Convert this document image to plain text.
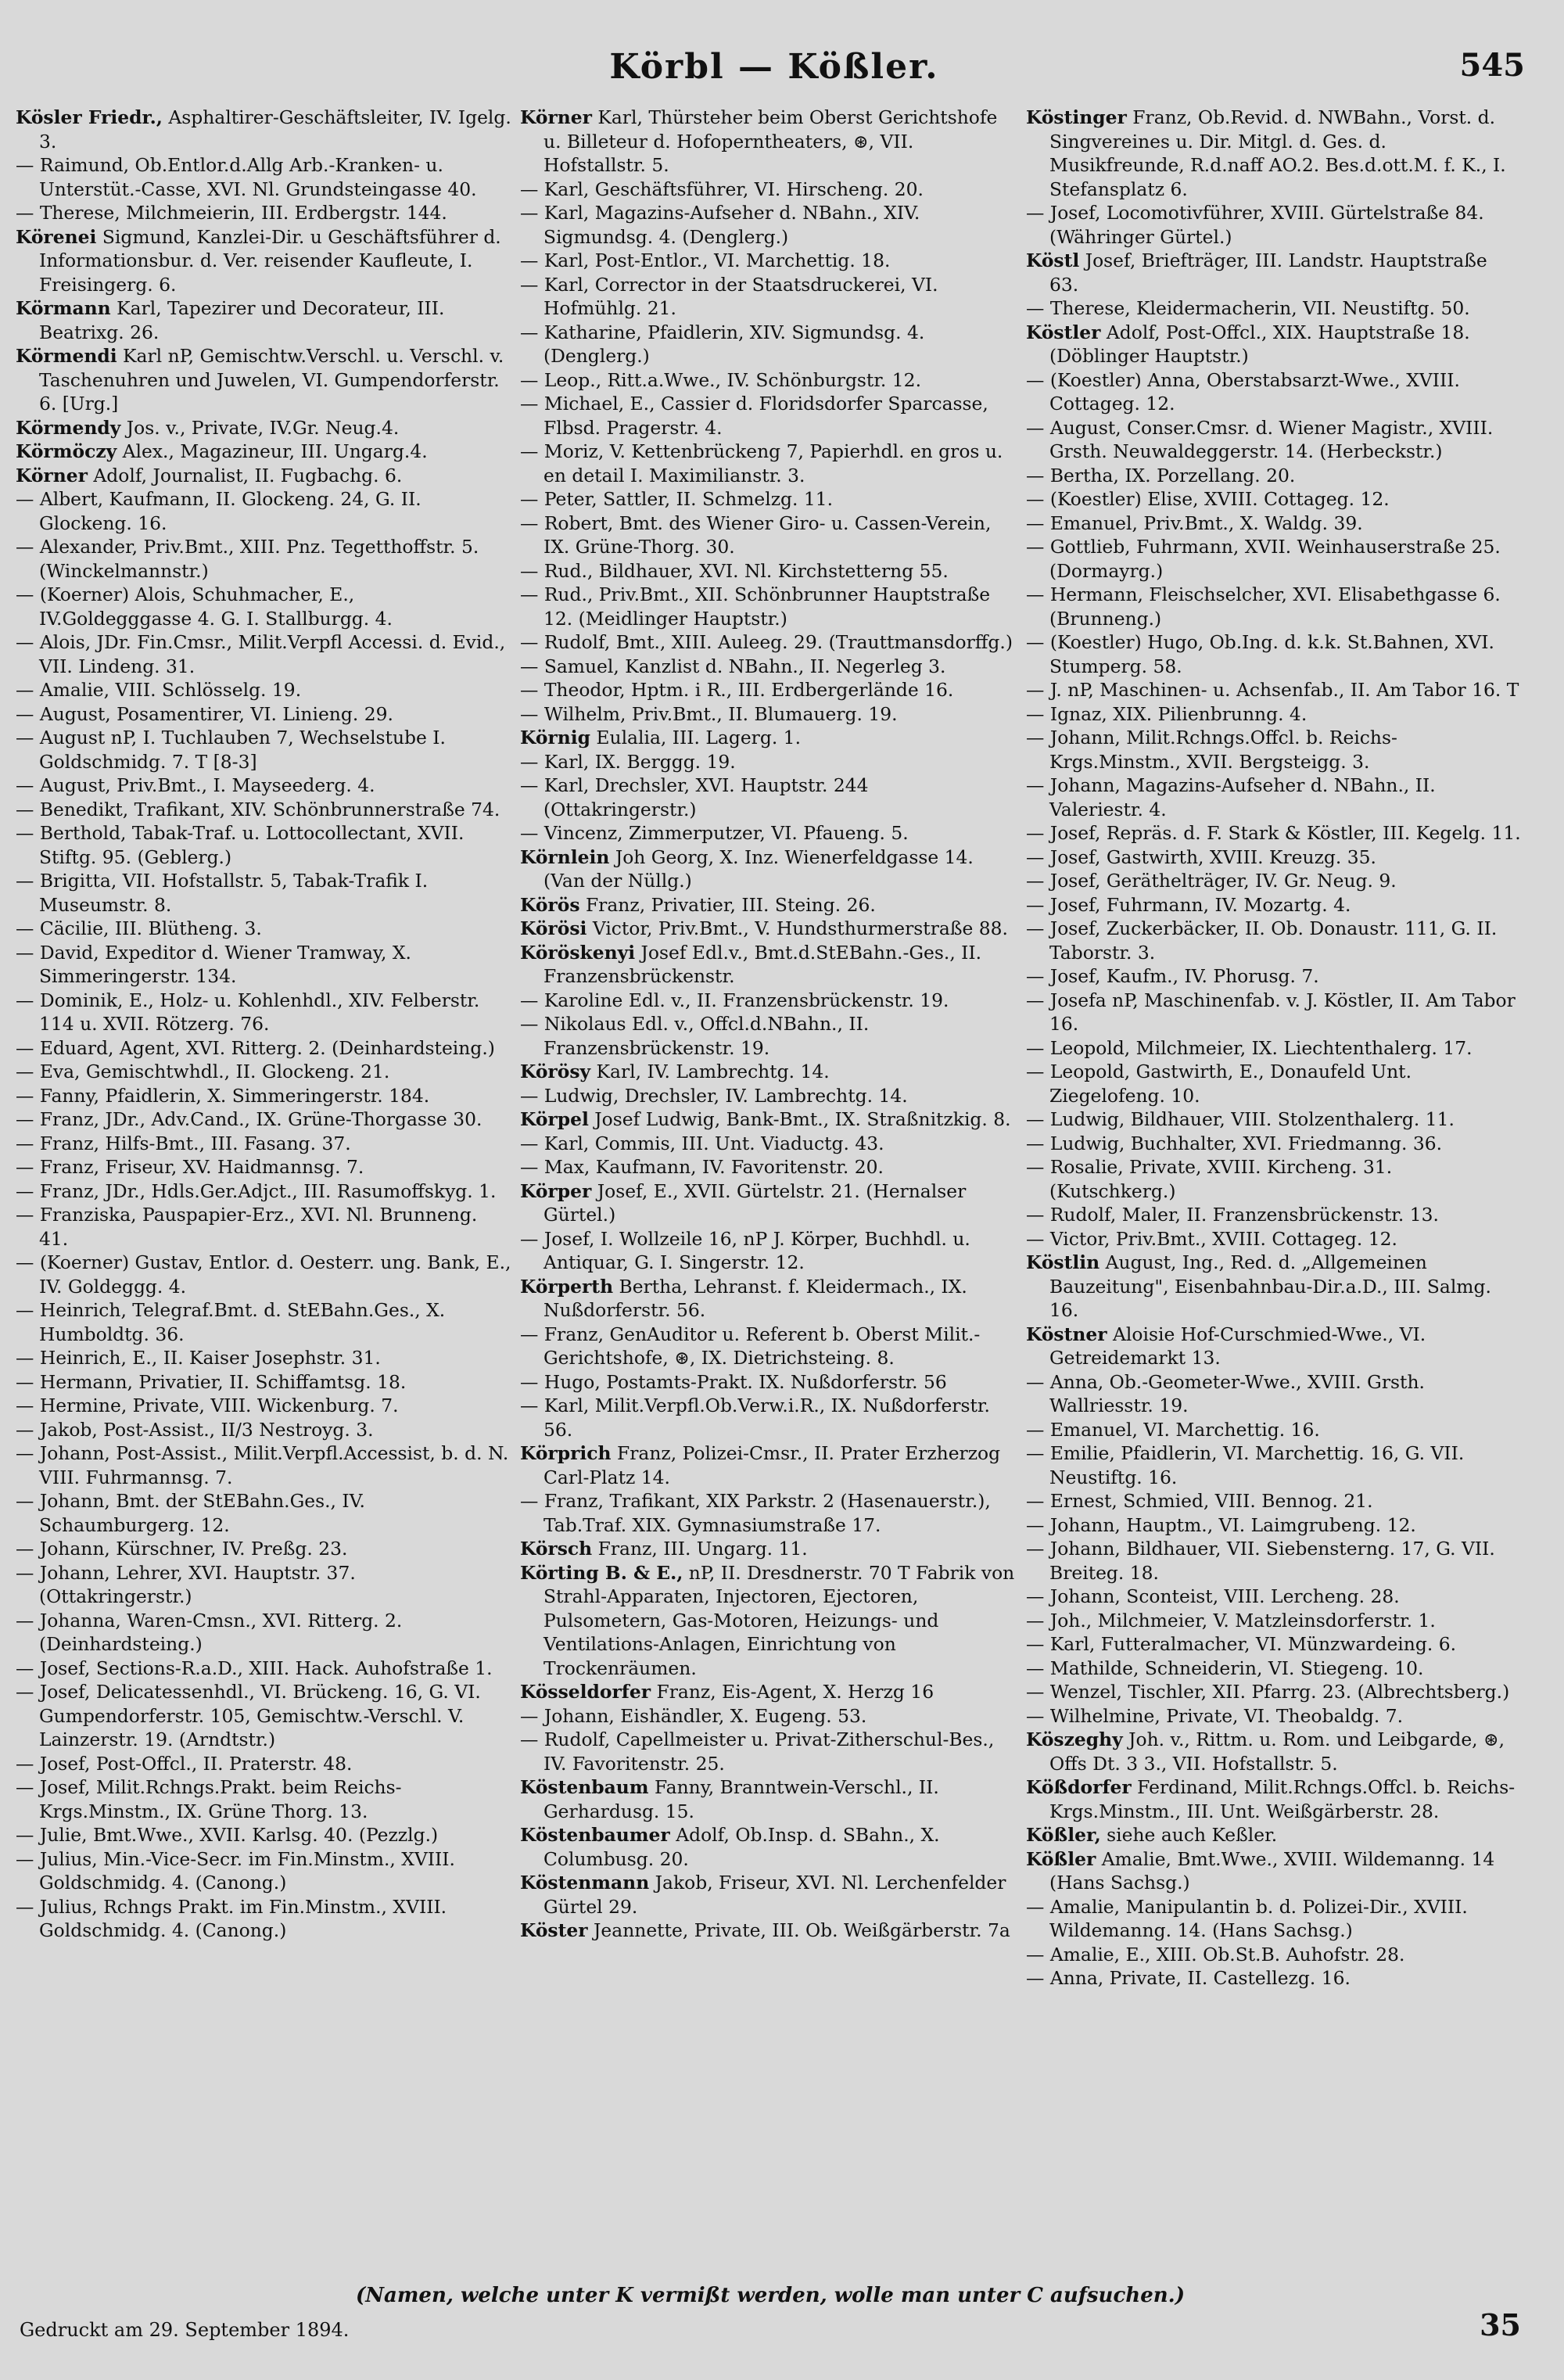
Körbl — Kößler.	545

Kösler Friedr., Asphaltirer-Geschäftsleiter, IV. Igelg. 3.

— Raimund, Ob.Entlor.d.Allg Arb.-Kranken- u. Unterstüt.-Casse, XVI. Nl. Grundsteingasse 40.

— Therese, Milchmeierin, III. Erdbergstr. 144.

Körenei Sigmund, Kanzlei-Dir. u Geschäftsführer d. Informationsbur. d. Ver. reisender Kaufleute, I. Freisingerg. 6.

Körmann Karl, Tapezirer und Decorateur, III. Beatrixg. 26.

Körmendi Karl nP, Gemischtw.Verschl. u. Verschl. v. Taschenuhren und Juwelen, VI. Gumpendorferstr. 6. [Urg.]

Körmendy Jos. v., Private, IV.Gr. Neug.4.

Körmöczy Alex., Magazineur, III. Ungarg.4.

Körner Adolf, Journalist, II. Fugbachg. 6.

— Albert, Kaufmann, II. Glockeng. 24, G. II. Glockeng. 16.

— Alexander, Priv.Bmt., XIII. Pnz. Tegetthoffstr. 5. (Winckelmannstr.)

— (Koerner) Alois, Schuhmacher, E., IV.Goldegggasse 4. G. I. Stallburgg. 4.

— Alois, JDr. Fin.Cmsr., Milit.Verpfl Accessi. d. Evid., VII. Lindeng. 31.

— Amalie, VIII. Schlösselg. 19.

— August, Posamentirer, VI. Linieng. 29.

— August nP, I. Tuchlauben 7, Wechselstube I. Goldschmidg. 7. T [8-3]

— August, Priv.Bmt., I. Mayseederg. 4.

— Benedikt, Trafikant, XIV. Schönbrunnerstraße 74.

— Berthold, Tabak-Traf. u. Lottocollectant, XVII. Stiftg. 95. (Geblerg.)

— Brigitta, VII. Hofstallstr. 5, Tabak-Trafik I. Museumstr. 8.

— Cäcilie, III. Blütheng. 3.

— David, Expeditor d. Wiener Tramway, X. Simmeringerstr. 134.

— Dominik, E., Holz- u. Kohlenhdl., XIV. Felberstr. 114 u. XVII. Rötzerg. 76.

— Eduard, Agent, XVI. Ritterg. 2. (Deinhardsteing.)

— Eva, Gemischtwhdl., II. Glockeng. 21.

— Fanny, Pfaidlerin, X. Simmeringerstr. 184.

— Franz, JDr., Adv.Cand., IX. Grüne-Thorgasse 30.

— Franz, Hilfs-Bmt., III. Fasang. 37.

— Franz, Friseur, XV. Haidmannsg. 7.

— Franz, JDr., Hdls.Ger.Adjct., III. Rasumoffskyg. 1.

— Franziska, Pauspapier-Erz., XVI. Nl. Brunneng. 41.

— (Koerner) Gustav, Entlor. d. Oesterr. ung. Bank, E., IV. Goldeggg. 4.

— Heinrich, Telegraf.Bmt. d. StEBahn.Ges., X. Humboldtg. 36.

— Heinrich, E., II. Kaiser Josephstr. 31.

— Hermann, Privatier, II. Schiffamtsg. 18.

— Hermine, Private, VIII. Wickenburg. 7.

— Jakob, Post-Assist., II/3 Nestroyg. 3.

— Johann, Post-Assist., Milit.Verpfl.Accessist, b. d. N. VIII. Fuhrmannsg. 7.

— Johann, Bmt. der StEBahn.Ges., IV. Schaumburgerg. 12.

— Johann, Kürschner, IV. Preßg. 23.

— Johann, Lehrer, XVI. Hauptstr. 37. (Ottakringerstr.)

— Johanna, Waren-Cmsn., XVI. Ritterg. 2. (Deinhardsteing.)

— Josef, Sections-R.a.D., XIII. Hack. Auhofstraße 1.

— Josef, Delicatessenhdl., VI. Brückeng. 16, G. VI. Gumpendorferstr. 105, Gemischtw.-Verschl. V. Lainzerstr. 19. (Arndtstr.)

— Josef, Post-Offcl., II. Praterstr. 48.

— Josef, Milit.Rchngs.Prakt. beim Reichs-Krgs.Minstm., IX. Grüne Thorg. 13.

— Julie, Bmt.Wwe., XVII. Karlsg. 40. (Pezzlg.)

— Julius, Min.-Vice-Secr. im Fin.Minstm., XVIII. Goldschmidg. 4. (Canong.)

— Julius, Rchngs Prakt. im Fin.Minstm., XVIII. Goldschmidg. 4. (Canong.)

Körner Karl, Thürsteher beim Oberst Gerichtshofe u. Billeteur d. Hofoperntheaters, ⊛, VII. Hofstallstr. 5.

— Karl, Geschäftsführer, VI. Hirscheng. 20.

— Karl, Magazins-Aufseher d. NBahn., XIV. Sigmundsg. 4. (Denglerg.)

— Karl, Post-Entlor., VI. Marchettig. 18.

— Karl, Corrector in der Staatsdruckerei, VI. Hofmühlg. 21.

— Katharine, Pfaidlerin, XIV. Sigmundsg. 4. (Denglerg.)

— Leop., Ritt.a.Wwe., IV. Schönburgstr. 12.

— Michael, E., Cassier d. Floridsdorfer Sparcasse, Flbsd. Pragerstr. 4.

— Moriz, V. Kettenbrückeng 7, Papierhdl. en gros u. en detail I. Maximilianstr. 3.

— Peter, Sattler, II. Schmelzg. 11.

— Robert, Bmt. des Wiener Giro- u. Cassen-Verein, IX. Grüne-Thorg. 30.

— Rud., Bildhauer, XVI. Nl. Kirchstetterng 55.

— Rud., Priv.Bmt., XII. Schönbrunner Hauptstraße 12. (Meidlinger Hauptstr.)

— Rudolf, Bmt., XIII. Auleeg. 29. (Trauttmansdorffg.)

— Samuel, Kanzlist d. NBahn., II. Negerleg 3.

— Theodor, Hptm. i R., III. Erdbergerlände 16.

— Wilhelm, Priv.Bmt., II. Blumauerg. 19.

Körnig Eulalia, III. Lagerg. 1.

— Karl, IX. Berggg. 19.

— Karl, Drechsler, XVI. Hauptstr. 244 (Ottakringerstr.)

— Vincenz, Zimmerputzer, VI. Pfaueng. 5.

Körnlein Joh Georg, X. Inz. Wienerfeldgasse 14. (Van der Nüllg.)

Körös Franz, Privatier, III. Steing. 26.

Körösi Victor, Priv.Bmt., V. Hundsthurmerstraße 88.

Köröskenyi Josef Edl.v., Bmt.d.StEBahn.-Ges., II. Franzensbrückenstr.

— Karoline Edl. v., II. Franzensbrückenstr. 19.

— Nikolaus Edl. v., Offcl.d.NBahn., II. Franzensbrückenstr. 19.

Körösy Karl, IV. Lambrechtg. 14.

— Ludwig, Drechsler, IV. Lambrechtg. 14.

Körpel Josef Ludwig, Bank-Bmt., IX. Straßnitzkig. 8.

— Karl, Commis, III. Unt. Viaductg. 43.

— Max, Kaufmann, IV. Favoritenstr. 20.

Körper Josef, E., XVII. Gürtelstr. 21. (Hernalser Gürtel.)

— Josef, I. Wollzeile 16, nP J. Körper, Buchhdl. u. Antiquar, G. I. Singerstr. 12.

Körperth Bertha, Lehranst. f. Kleidermach., IX. Nußdorferstr. 56.

— Franz, GenAuditor u. Referent b. Oberst Milit.-Gerichtshofe, ⊛, IX. Dietrichsteing. 8.

— Hugo, Postamts-Prakt. IX. Nußdorferstr. 56

— Karl, Milit.Verpfl.Ob.Verw.i.R., IX. Nußdorferstr. 56.

Körprich Franz, Polizei-Cmsr., II. Prater Erzherzog Carl-Platz 14.

— Franz, Trafikant, XIX Parkstr. 2 (Hasenauerstr.), Tab.Traf. XIX. Gymnasiumstraße 17.

Körsch Franz, III. Ungarg. 11.

Körting B. & E., nP, II. Dresdnerstr. 70 T Fabrik von Strahl-Apparaten, Injectoren, Ejectoren, Pulsometern, Gas-Motoren, Heizungs- und Ventilations-Anlagen, Einrichtung von Trockenräumen.

Kösseldorfer Franz, Eis-Agent, X. Herzg 16

— Johann, Eishändler, X. Eugeng. 53.

— Rudolf, Capellmeister u. Privat-Zitherschul-Bes., IV. Favoritenstr. 25.

Köstenbaum Fanny, Branntwein-Verschl., II. Gerhardusg. 15.

Köstenbaumer Adolf, Ob.Insp. d. SBahn., X. Columbusg. 20.

Köstenmann Jakob, Friseur, XVI. Nl. Lerchenfelder Gürtel 29.

Köster Jeannette, Private, III. Ob. Weißgärberstr. 7a

Köstinger Franz, Ob.Revid. d. NWBahn., Vorst. d. Singvereines u. Dir. Mitgl. d. Ges. d. Musikfreunde, R.d.naff AO.2. Bes.d.ott.M. f. K., I. Stefansplatz 6.

— Josef, Locomotivführer, XVIII. Gürtelstraße 84. (Währinger Gürtel.)

Köstl Josef, Briefträger, III. Landstr. Hauptstraße 63.

— Therese, Kleidermacherin, VII. Neustiftg. 50.

Köstler Adolf, Post-Offcl., XIX. Hauptstraße 18. (Döblinger Hauptstr.)

— (Koestler) Anna, Oberstabsarzt-Wwe., XVIII. Cottageg. 12.

— August, Conser.Cmsr. d. Wiener Magistr., XVIII. Grsth. Neuwaldeggerstr. 14. (Herbeckstr.)

— Bertha, IX. Porzellang. 20.

— (Koestler) Elise, XVIII. Cottageg. 12.

— Emanuel, Priv.Bmt., X. Waldg. 39.

— Gottlieb, Fuhrmann, XVII. Weinhauserstraße 25. (Dormayrg.)

— Hermann, Fleischselcher, XVI. Elisabethgasse 6. (Brunneng.)

— (Koestler) Hugo, Ob.Ing. d. k.k. St.Bahnen, XVI. Stumperg. 58.

— J. nP, Maschinen- u. Achsenfab., II. Am Tabor 16. T

— Ignaz, XIX. Pilienbrunng. 4.

— Johann, Milit.Rchngs.Offcl. b. Reichs-Krgs.Minstm., XVII. Bergsteigg. 3.

— Johann, Magazins-Aufseher d. NBahn., II. Valeriestr. 4.

— Josef, Repräs. d. F. Stark & Köstler, III. Kegelg. 11.

— Josef, Gastwirth, XVIII. Kreuzg. 35.

— Josef, Geräthelträger, IV. Gr. Neug. 9.

— Josef, Fuhrmann, IV. Mozartg. 4.

— Josef, Zuckerbäcker, II. Ob. Donaustr. 111, G. II. Taborstr. 3.

— Josef, Kaufm., IV. Phorusg. 7.

— Josefa nP, Maschinenfab. v. J. Köstler, II. Am Tabor 16.

— Leopold, Milchmeier, IX. Liechtenthalerg. 17.

— Leopold, Gastwirth, E., Donaufeld Unt. Ziegelofeng. 10.

— Ludwig, Bildhauer, VIII. Stolzenthalerg. 11.

— Ludwig, Buchhalter, XVI. Friedmanng. 36.

— Rosalie, Private, XVIII. Kircheng. 31. (Kutschkerg.)

— Rudolf, Maler, II. Franzensbrückenstr. 13.

— Victor, Priv.Bmt., XVIII. Cottageg. 12.

Köstlin August, Ing., Red. d. „Allgemeinen Bauzeitung", Eisenbahnbau-Dir.a.D., III. Salmg. 16.

Köstner Aloisie Hof-Curschmied-Wwe., VI. Getreidemarkt 13.

— Anna, Ob.-Geometer-Wwe., XVIII. Grsth. Wallriesstr. 19.

— Emanuel, VI. Marchettig. 16.

— Emilie, Pfaidlerin, VI. Marchettig. 16, G. VII. Neustiftg. 16.

— Ernest, Schmied, VIII. Bennog. 21.

— Johann, Hauptm., VI. Laimgrubeng. 12.

— Johann, Bildhauer, VII. Siebensterng. 17, G. VII. Breiteg. 18.

— Johann, Sconteist, VIII. Lercheng. 28.

— Joh., Milchmeier, V. Matzleinsdorferstr. 1.

— Karl, Futteralmacher, VI. Münzwardeing. 6.

— Mathilde, Schneiderin, VI. Stiegeng. 10.

— Wenzel, Tischler, XII. Pfarrg. 23. (Albrechtsberg.)

— Wilhelmine, Private, VI. Theobaldg. 7.

Köszeghy Joh. v., Rittm. u. Rom. und Leibgarde, ⊛, Offs Dt. 3 3., VII. Hofstallstr. 5.

Kößdorfer Ferdinand, Milit.Rchngs.Offcl. b. Reichs-Krgs.Minstm., III. Unt. Weißgärberstr. 28.

Kößler, siehe auch Keßler.

Kößler Amalie, Bmt.Wwe., XVIII. Wildemanng. 14 (Hans Sachsg.)

— Amalie, Manipulantin b. d. Polizei-Dir., XVIII. Wildemanng. 14. (Hans Sachsg.)

— Amalie, E., XIII. Ob.St.B. Auhofstr. 28.

— Anna, Private, II. Castellezg. 16.

(Namen, welche unter K vermißt werden, wolle man unter C aufsuchen.)
Gedruckt am 29. September 1894.	35
